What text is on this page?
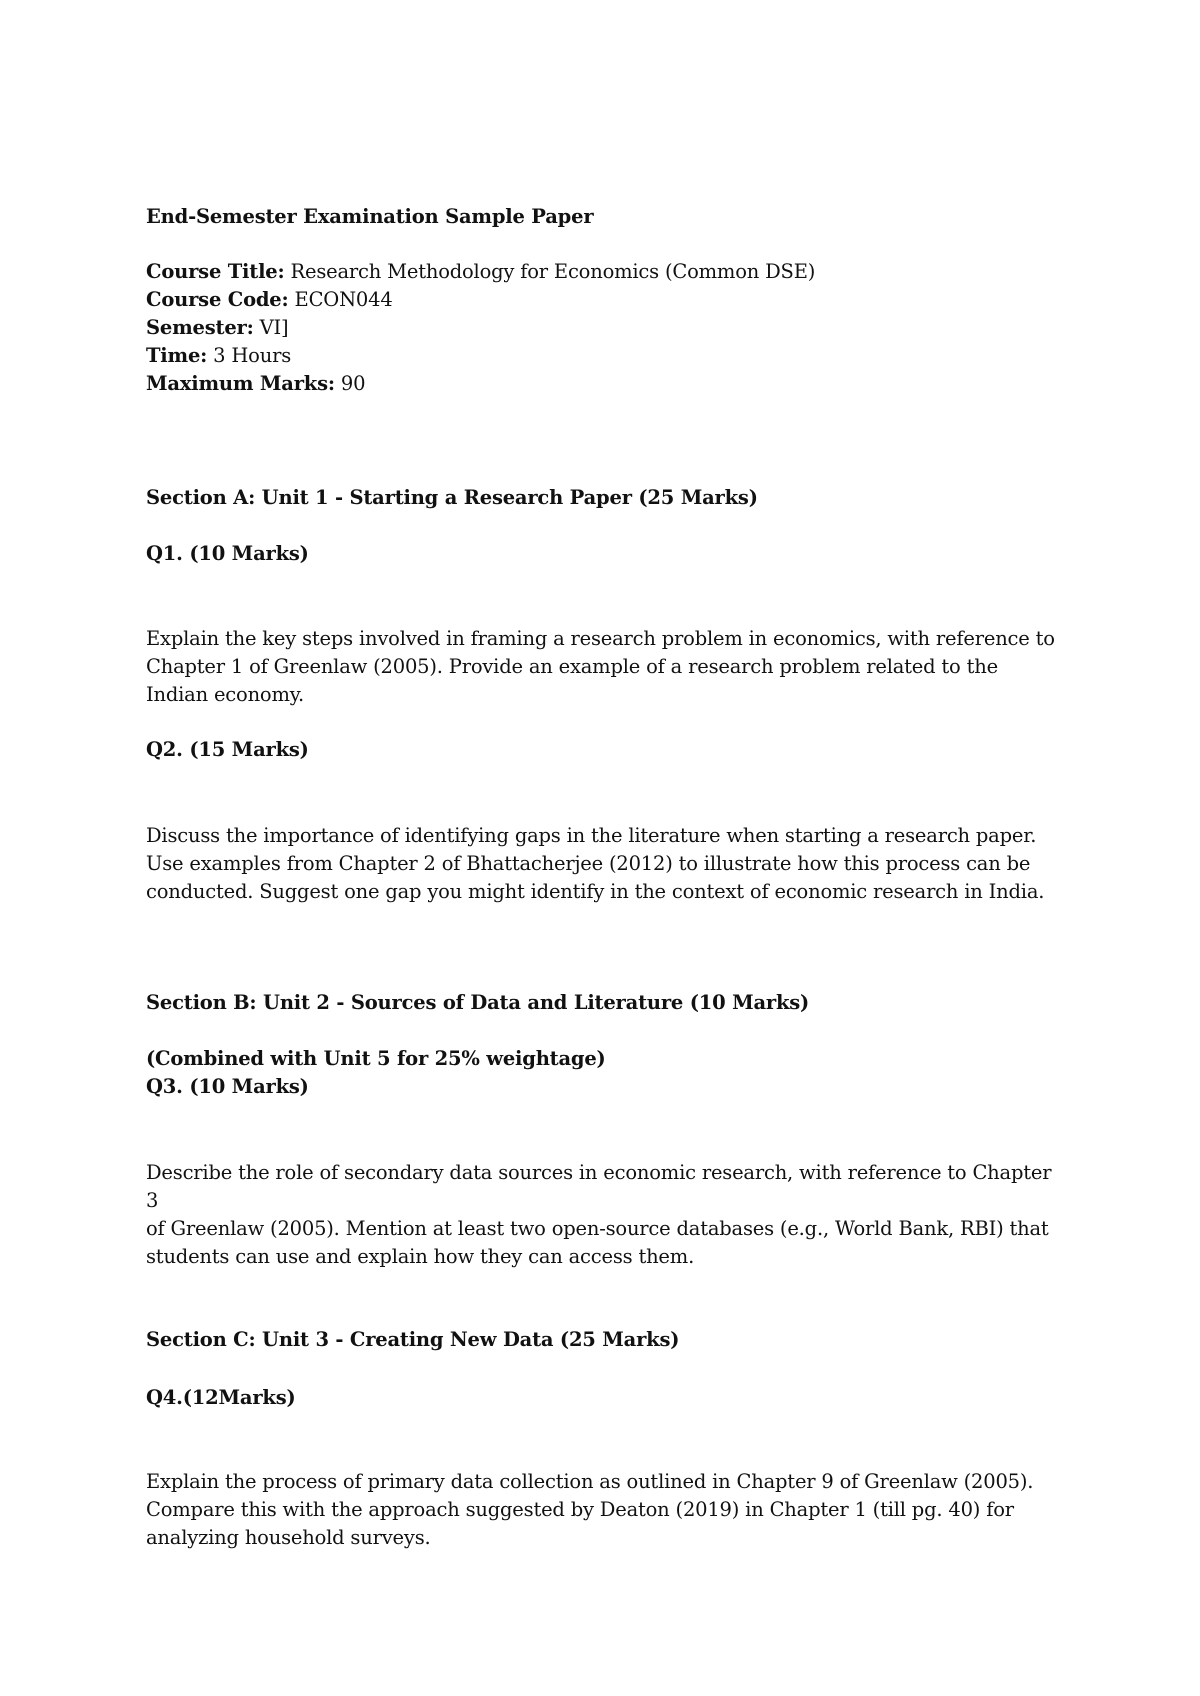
End-Semester Examination Sample Paper
Course Title: Research Methodology for Economics (Common DSE)
Course Code: ECON044
Semester: VI]
Time: 3 Hours
Maximum Marks: 90
Section A: Unit 1 - Starting a Research Paper (25 Marks)
Q1. (10 Marks)
Explain the key steps involved in framing a research problem in economics, with reference to
Chapter 1 of Greenlaw (2005). Provide an example of a research problem related to the
Indian economy.
Q2. (15 Marks)
Discuss the importance of identifying gaps in the literature when starting a research paper.
Use examples from Chapter 2 of Bhattacherjee (2012) to illustrate how this process can be
conducted. Suggest one gap you might identify in the context of economic research in India.
Section B: Unit 2 - Sources of Data and Literature (10 Marks)
(Combined with Unit 5 for 25% weightage)
Q3. (10 Marks)
Describe the role of secondary data sources in economic research, with reference to Chapter 3
of Greenlaw (2005). Mention at least two open-source databases (e.g., World Bank, RBI) that
students can use and explain how they can access them.
Section C: Unit 3 - Creating New Data (25 Marks)
Q4.(12Marks)
Explain the process of primary data collection as outlined in Chapter 9 of Greenlaw (2005).
Compare this with the approach suggested by Deaton (2019) in Chapter 1 (till pg. 40) for
analyzing household surveys.
